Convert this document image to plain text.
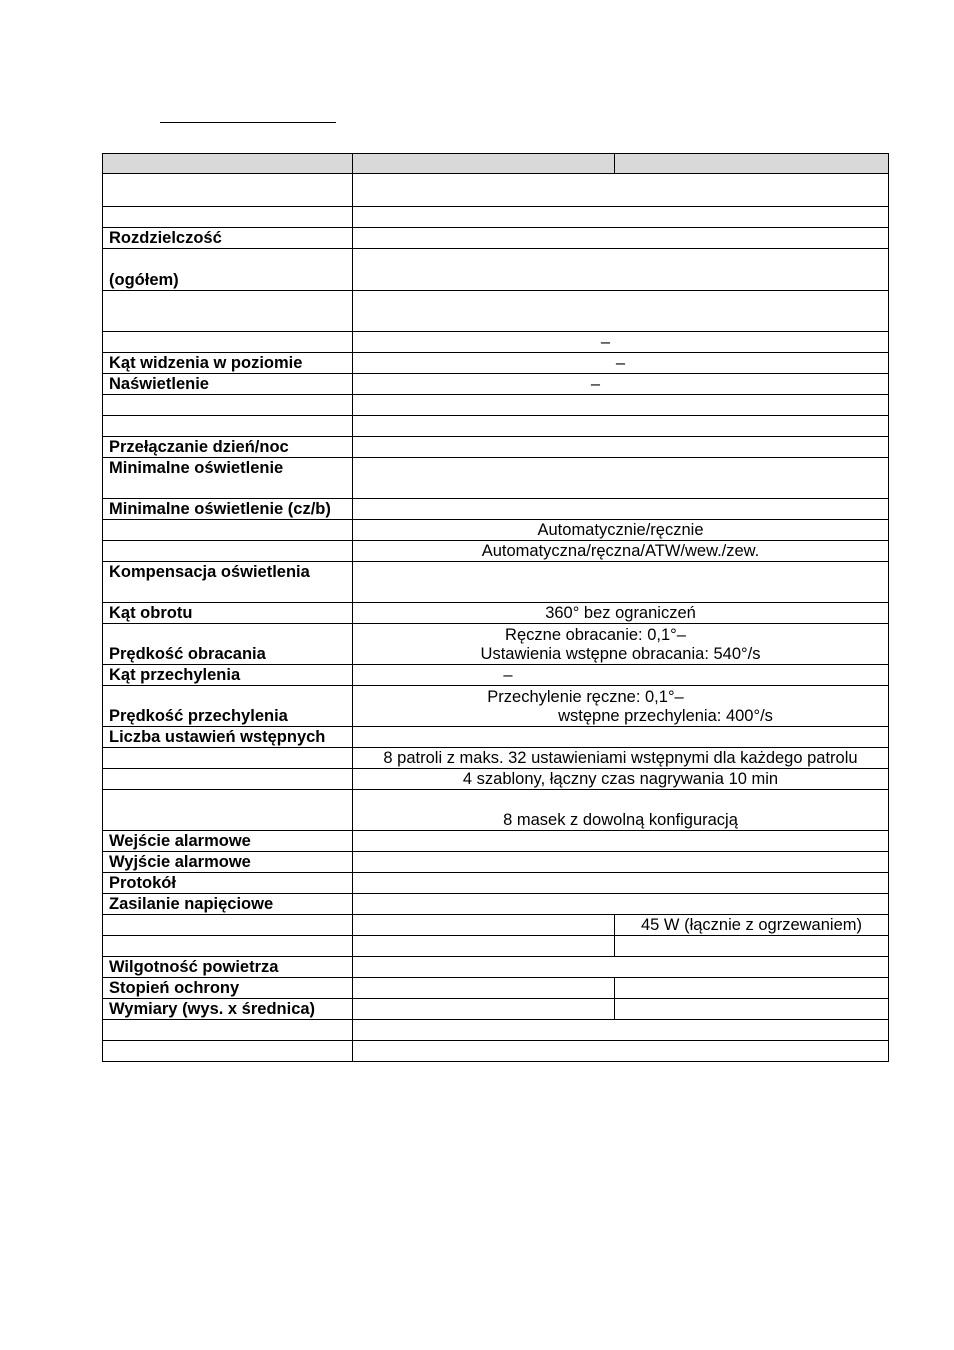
Rozdzielczość		
(ogółem)		

	–	

Kąt widzenia w poziomie	–	

Naświetlenie	–	

Przełączanie dzień/noc		
Minimalne oświetlenie		
Minimalne oświetlenie (cz/b)		
	Automatycznie/ręcznie	
	Automatyczna/ręczna/ATW/wew./zew.	
Kompensacja oświetlenia		
Kąt obrotu	360° bez ograniczeń	
Prędkość obracania	Ręczne obracanie: 0,1°–
Ustawienia wstępne obracania: 540°/s	

Kąt przechylenia	–	

Prędkość przechylenia	Przechylenie ręczne: 0,1°–
wstępne przechylenia: 400°/s	

Liczba ustawień wstępnych		
	8 patroli z maks. 32 ustawieniami wstępnymi dla każdego patrolu	
	4 szablony, łączny czas nagrywania 10 min	
	8 masek z dowolną konfiguracją	
Wejście alarmowe		
Wyjście alarmowe		
Protokół		
Zasilanie napięciowe		
		45 W (łącznie z ogrzewaniem)

Wilgotność powietrza		
Stopień ochrony		
Wymiary (wys. x średnica)		
